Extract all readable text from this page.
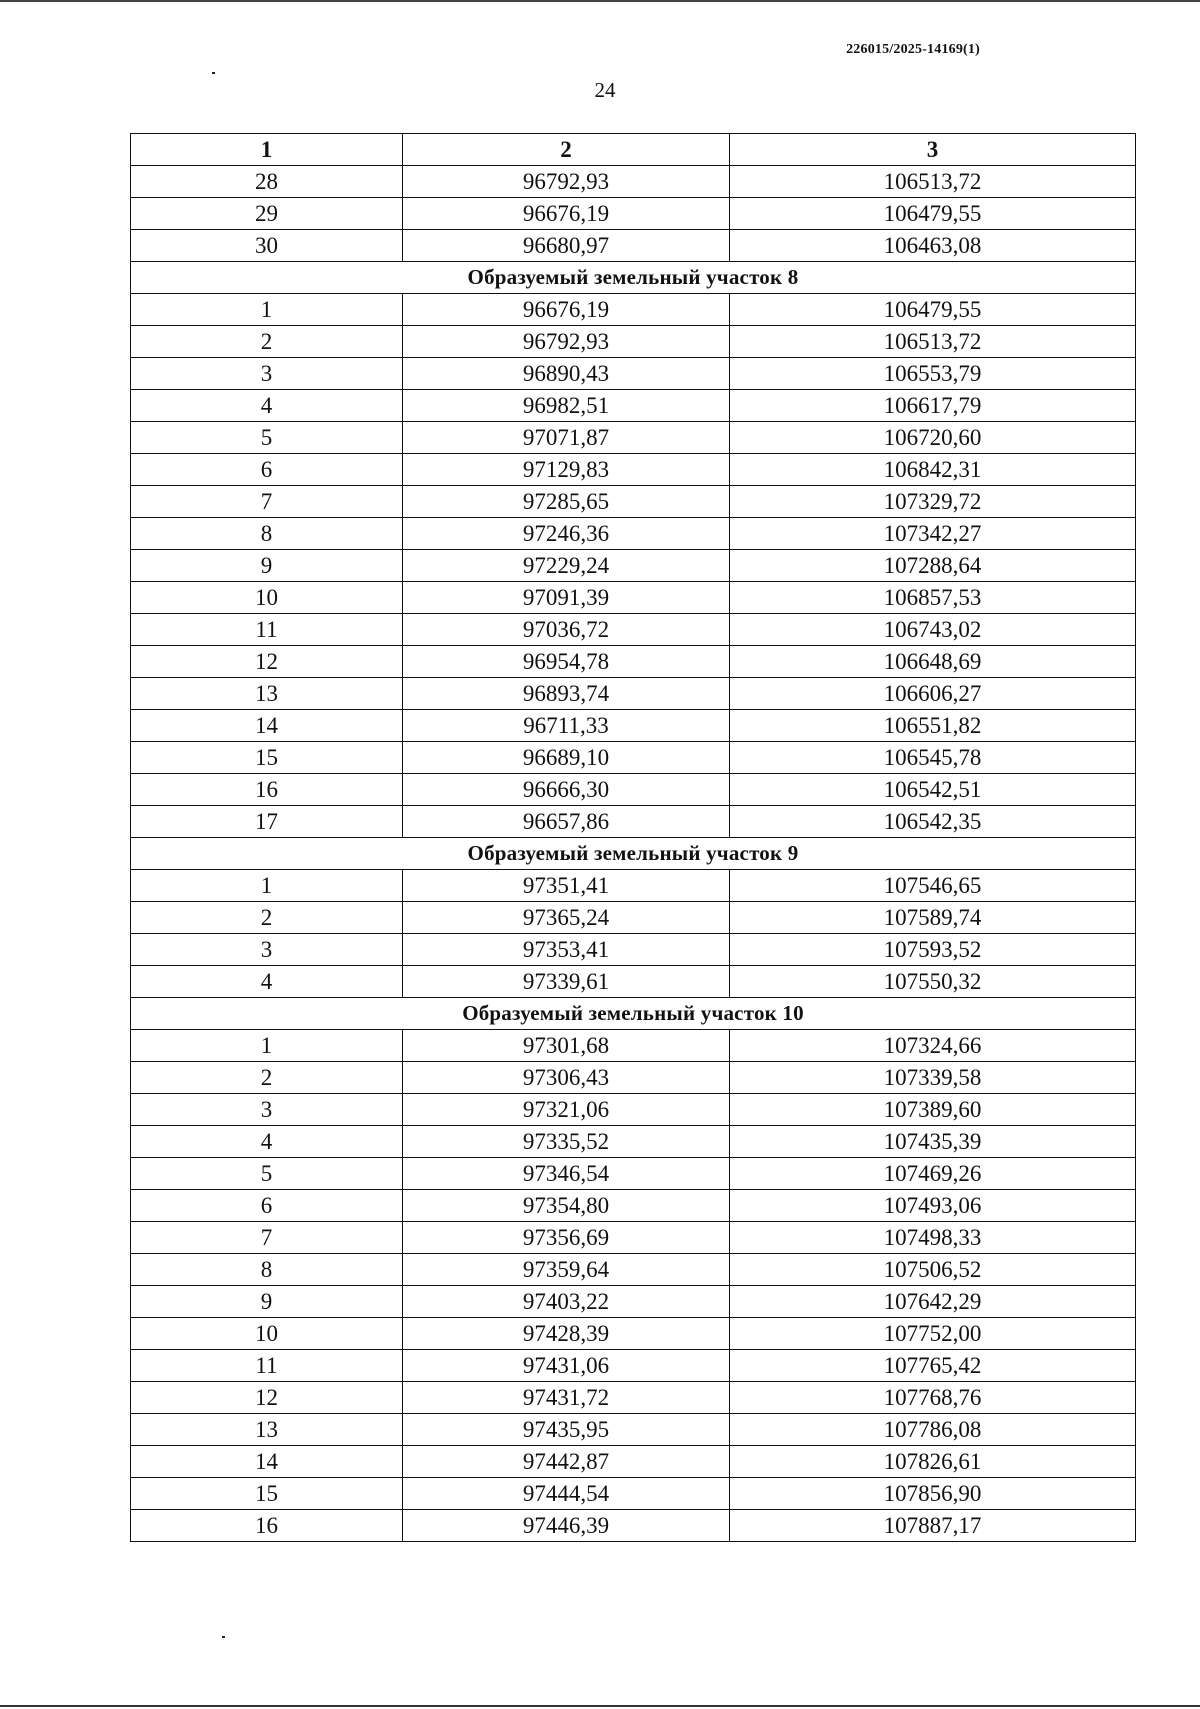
226015/2025-14169(1)
24
1	2	3
28	96792,93	106513,72
29	96676,19	106479,55
30	96680,97	106463,08
Образуемый земельный участок 8		
1	96676,19	106479,55
2	96792,93	106513,72
3	96890,43	106553,79
4	96982,51	106617,79
5	97071,87	106720,60
6	97129,83	106842,31
7	97285,65	107329,72
8	97246,36	107342,27
9	97229,24	107288,64
10	97091,39	106857,53
11	97036,72	106743,02
12	96954,78	106648,69
13	96893,74	106606,27
14	96711,33	106551,82
15	96689,10	106545,78
16	96666,30	106542,51
17	96657,86	106542,35
Образуемый земельный участок 9		
1	97351,41	107546,65
2	97365,24	107589,74
3	97353,41	107593,52
4	97339,61	107550,32
Образуемый земельный участок 10		
1	97301,68	107324,66
2	97306,43	107339,58
3	97321,06	107389,60
4	97335,52	107435,39
5	97346,54	107469,26
6	97354,80	107493,06
7	97356,69	107498,33
8	97359,64	107506,52
9	97403,22	107642,29
10	97428,39	107752,00
11	97431,06	107765,42
12	97431,72	107768,76
13	97435,95	107786,08
14	97442,87	107826,61
15	97444,54	107856,90
16	97446,39	107887,17
